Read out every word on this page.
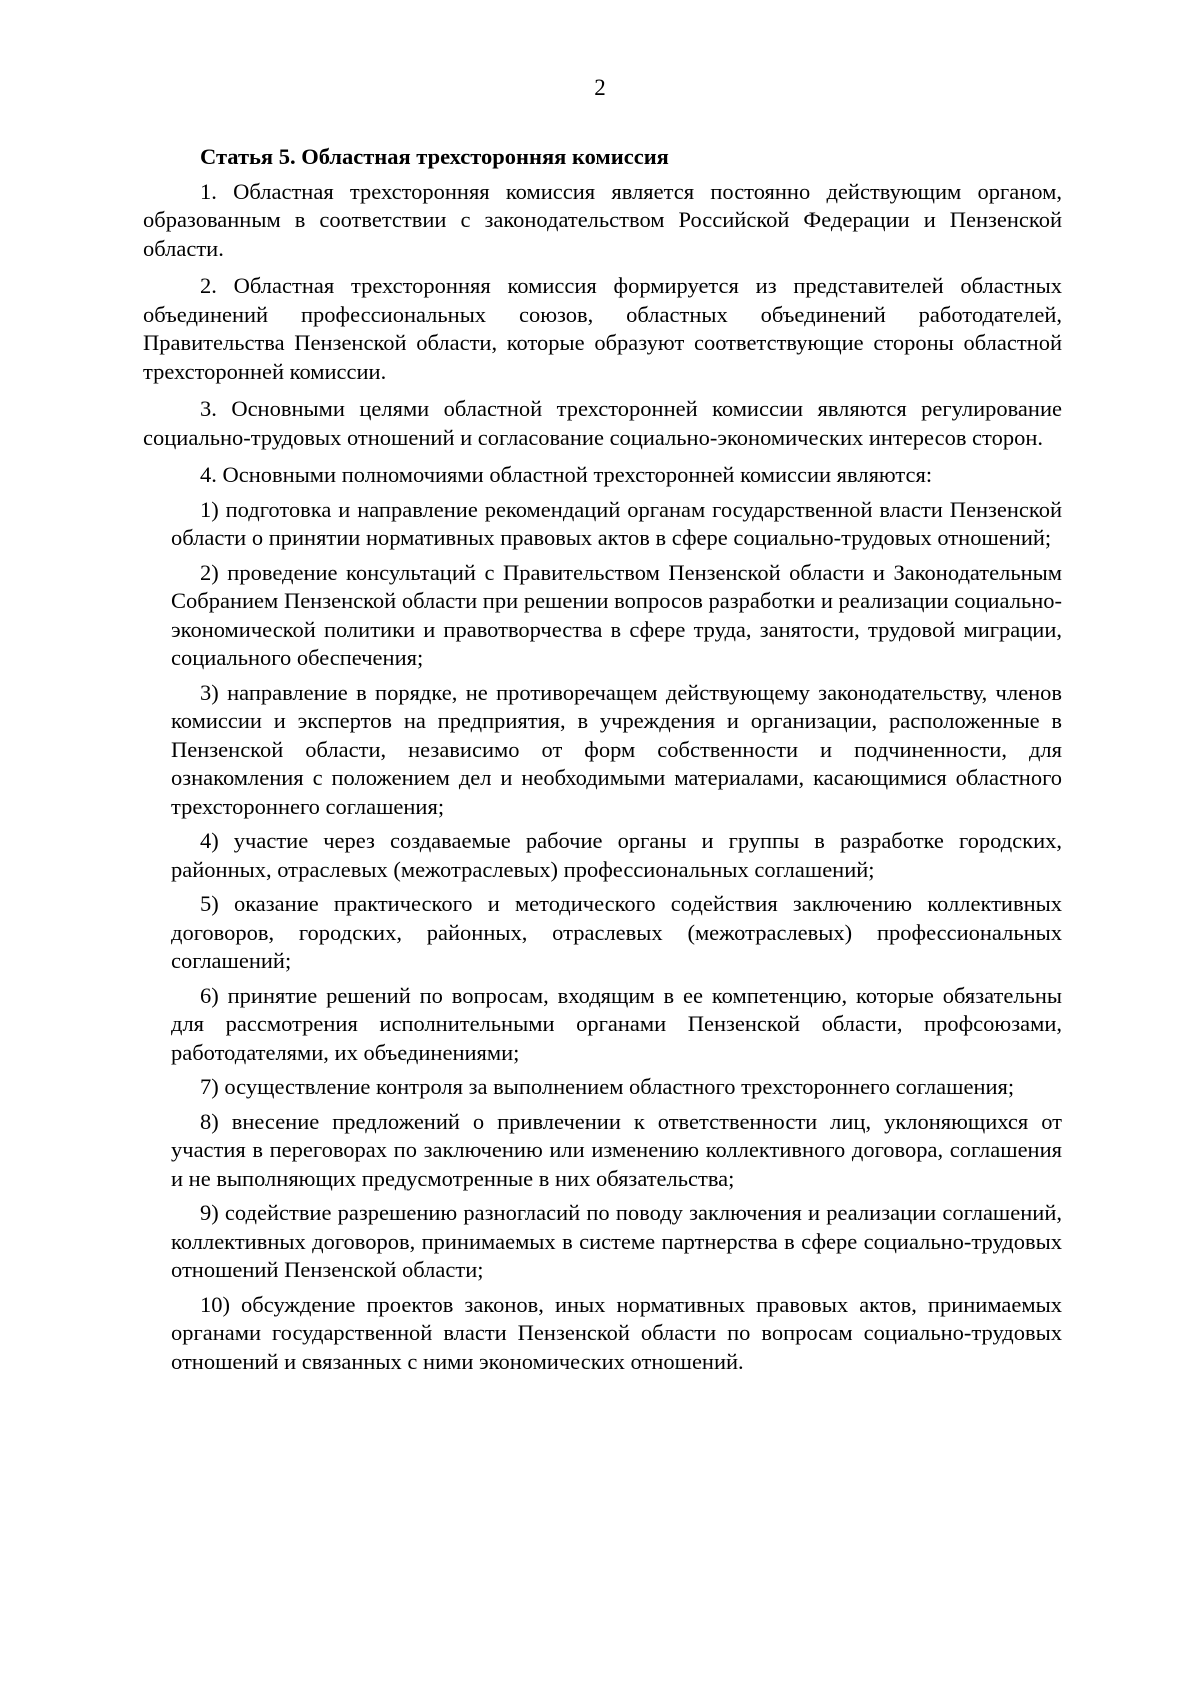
2
Статья 5. Областная трехсторонняя комиссия

1. Областная трехсторонняя комиссия является постоянно действующим органом, образованным в соответствии с законодательством Российской Федерации и Пензенской области.

2. Областная трехсторонняя комиссия формируется из представителей областных объединений профессиональных союзов, областных объединений работодателей, Правительства Пензенской области, которые образуют соответствующие стороны областной трехсторонней комиссии.

3. Основными целями областной трехсторонней комиссии являются регулирование социально-трудовых отношений и согласование социально-экономических интересов сторон.

4. Основными полномочиями областной трехсторонней комиссии являются:

1) подготовка и направление рекомендаций органам государственной власти Пензенской области о принятии нормативных правовых актов в сфере социально-трудовых отношений;

2) проведение консультаций с Правительством Пензенской области и Законодательным Собранием Пензенской области при решении вопросов разработки и реализации социально-экономической политики и правотворчества в сфере труда, занятости, трудовой миграции, социального обеспечения;

3) направление в порядке, не противоречащем действующему законодательству, членов комиссии и экспертов на предприятия, в учреждения и организации, расположенные в Пензенской области, независимо от форм собственности и подчиненности, для ознакомления с положением дел и необходимыми материалами, касающимися областного трехстороннего соглашения;

4) участие через создаваемые рабочие органы и группы в разработке городских, районных, отраслевых (межотраслевых) профессиональных соглашений;

5) оказание практического и методического содействия заключению коллективных договоров, городских, районных, отраслевых (межотраслевых) профессиональных соглашений;

6) принятие решений по вопросам, входящим в ее компетенцию, которые обязательны для рассмотрения исполнительными органами Пензенской области, профсоюзами, работодателями, их объединениями;

7) осуществление контроля за выполнением областного трехстороннего соглашения;

8) внесение предложений о привлечении к ответственности лиц, уклоняющихся от участия в переговорах по заключению или изменению коллективного договора, соглашения и не выполняющих предусмотренные в них обязательства;

9) содействие разрешению разногласий по поводу заключения и реализации соглашений, коллективных договоров, принимаемых в системе партнерства в сфере социально-трудовых отношений Пензенской области;

10) обсуждение проектов законов, иных нормативных правовых актов, принимаемых органами государственной власти Пензенской области по вопросам социально-трудовых отношений и связанных с ними экономических отношений.
